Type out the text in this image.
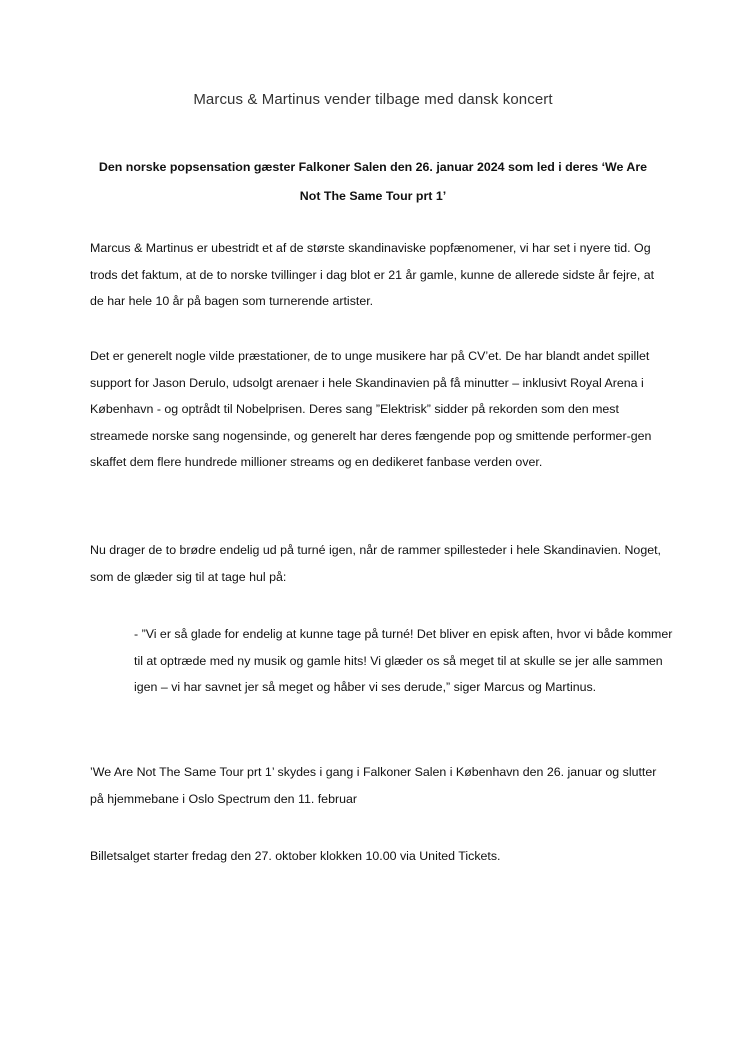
Marcus & Martinus vender tilbage med dansk koncert
Den norske popsensation gæster Falkoner Salen den 26. januar 2024 som led i deres ‘We Are Not The Same Tour prt 1’

Marcus & Martinus er ubestridt et af de største skandinaviske popfænomener, vi har set i nyere tid. Og trods det faktum, at de to norske tvillinger i dag blot er 21 år gamle, kunne de allerede sidste år fejre, at de har hele 10 år på bagen som turnerende artister.

Det er generelt nogle vilde præstationer, de to unge musikere har på CV’et. De har blandt andet spillet support for Jason Derulo, udsolgt arenaer i hele Skandinavien på få minutter – inklusivt Royal Arena i København - og optrådt til Nobelprisen. Deres sang ”Elektrisk” sidder på rekorden som den mest streamede norske sang nogensinde, og generelt har deres fængende pop og smittende performer-gen skaffet dem flere hundrede millioner streams og en dedikeret fanbase verden over.

Nu drager de to brødre endelig ud på turné igen, når de rammer spillesteder i hele Skandinavien. Noget, som de glæder sig til at tage hul på:

- ”Vi er så glade for endelig at kunne tage på turné! Det bliver en episk aften, hvor vi både kommer til at optræde med ny musik og gamle hits! Vi glæder os så meget til at skulle se jer alle sammen igen – vi har savnet jer så meget og håber vi ses derude,” siger Marcus og Martinus.

’We Are Not The Same Tour prt 1’ skydes i gang i Falkoner Salen i København den 26. januar og slutter på hjemmebane i Oslo Spectrum den 11. februar

Billetsalget starter fredag den 27. oktober klokken 10.00 via United Tickets.
